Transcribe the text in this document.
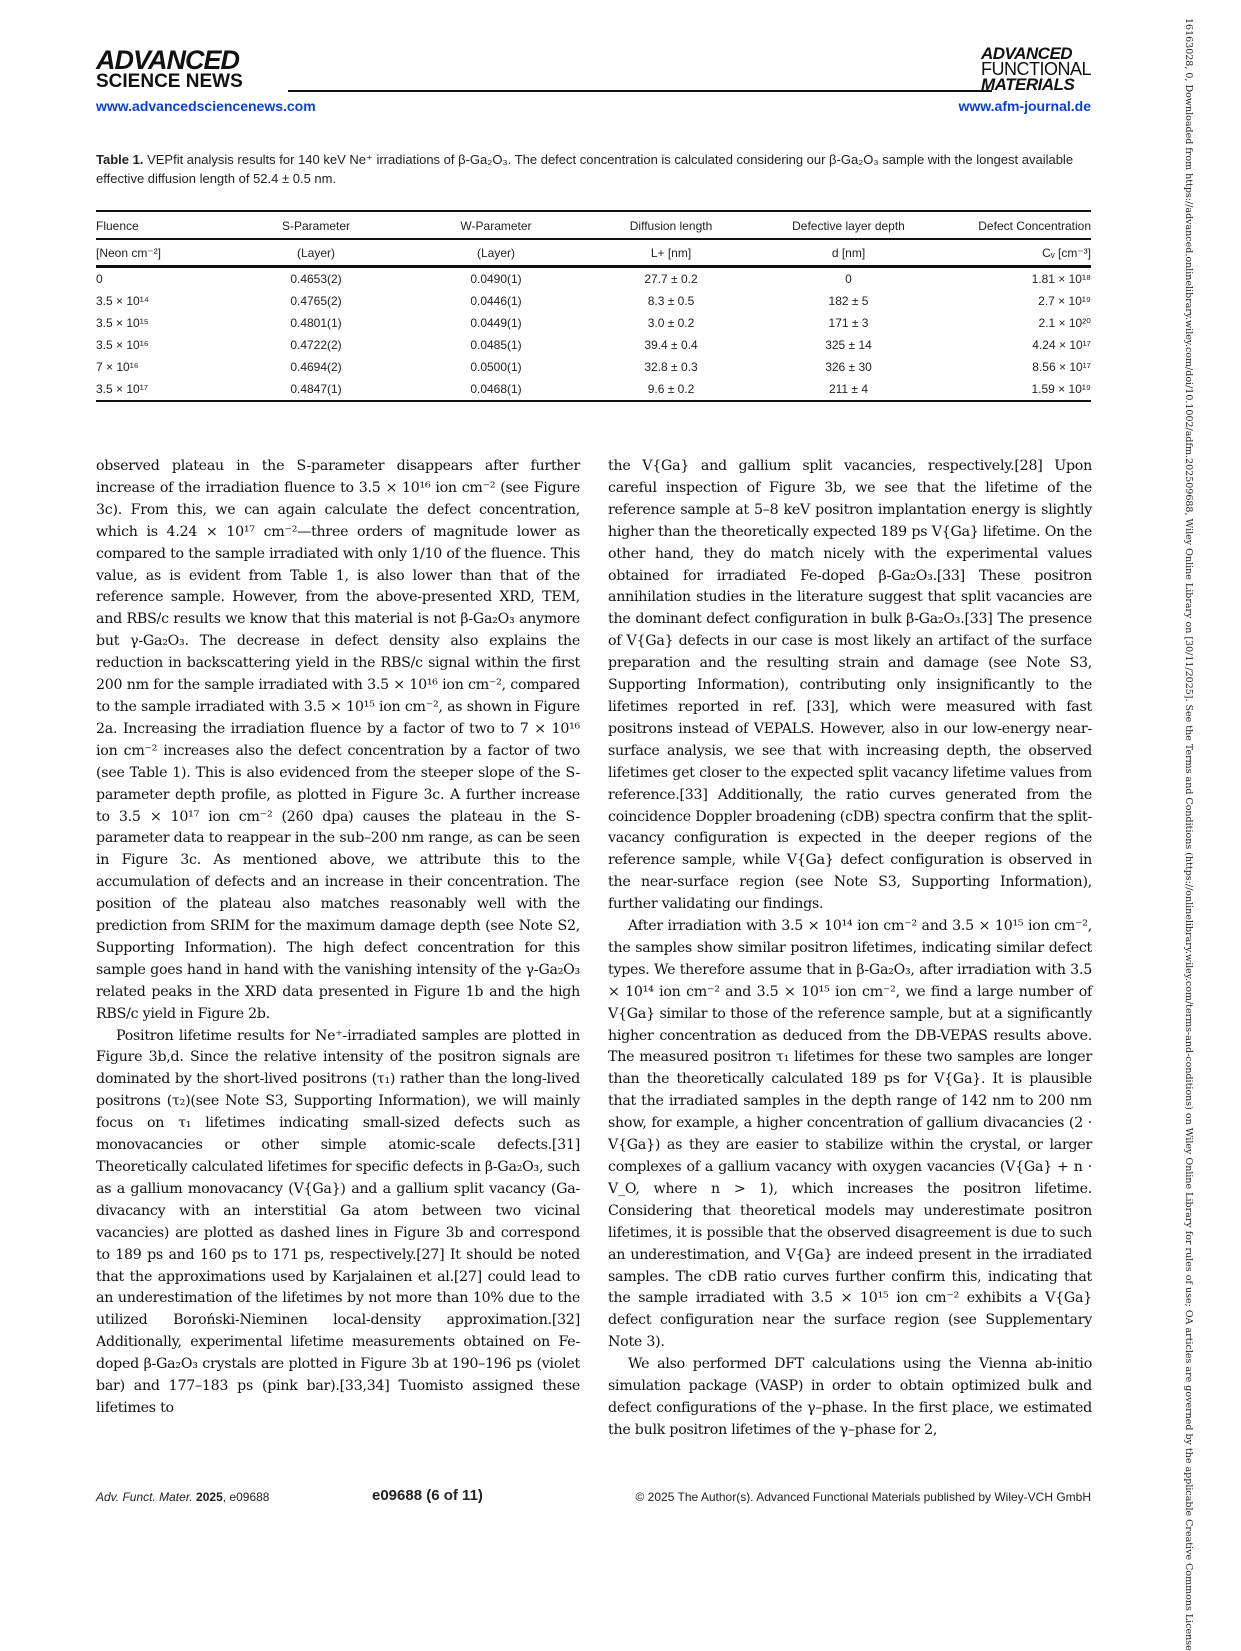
ADVANCED
SCIENCE NEWS
ADVANCED
FUNCTIONAL
MATERIALS
www.advancedsciencenews.com	www.afm-journal.de
Table 1. VEPfit analysis results for 140 keV Ne⁺ irradiations of β-Ga₂O₃. The defect concentration is calculated considering our β-Ga₂O₃ sample with the longest available effective diffusion length of 52.4 ± 0.5 nm.
Fluence	S-Parameter	W-Parameter	Diffusion length	Defective layer depth	Defect Concentration
[Neon cm⁻²]	(Layer)	(Layer)	L+ [nm]	d [nm]	Cᵥ [cm⁻³]
0	0.4653(2)	0.0490(1)	27.7 ± 0.2	0	1.81 × 10¹⁸
3.5 × 10¹⁴	0.4765(2)	0.0446(1)	8.3 ± 0.5	182 ± 5	2.7 × 10¹⁹
3.5 × 10¹⁵	0.4801(1)	0.0449(1)	3.0 ± 0.2	171 ± 3	2.1 × 10²⁰
3.5 × 10¹⁶	0.4722(2)	0.0485(1)	39.4 ± 0.4	325 ± 14	4.24 × 10¹⁷
7 × 10¹⁶	0.4694(2)	0.0500(1)	32.8 ± 0.3	326 ± 30	8.56 × 10¹⁷
3.5 × 10¹⁷	0.4847(1)	0.0468(1)	9.6 ± 0.2	211 ± 4	1.59 × 10¹⁹

observed plateau in the S-parameter disappears after further increase of the irradiation fluence to 3.5 × 10¹⁶ ion cm⁻² (see Figure 3c). From this, we can again calculate the defect concentration, which is 4.24 × 10¹⁷ cm⁻²—three orders of magnitude lower as compared to the sample irradiated with only 1/10 of the fluence. This value, as is evident from Table 1, is also lower than that of the reference sample. However, from the above-presented XRD, TEM, and RBS/c results we know that this material is not β-Ga₂O₃ anymore but γ-Ga₂O₃. The decrease in defect density also explains the reduction in backscattering yield in the RBS/c signal within the first 200 nm for the sample irradiated with 3.5 × 10¹⁶ ion cm⁻², compared to the sample irradiated with 3.5 × 10¹⁵ ion cm⁻², as shown in Figure 2a. Increasing the irradiation fluence by a factor of two to 7 × 10¹⁶ ion cm⁻² increases also the defect concentration by a factor of two (see Table 1). This is also evidenced from the steeper slope of the S-parameter depth profile, as plotted in Figure 3c. A further increase to 3.5 × 10¹⁷ ion cm⁻² (260 dpa) causes the plateau in the S-parameter data to reappear in the sub–200 nm range, as can be seen in Figure 3c. As mentioned above, we attribute this to the accumulation of defects and an increase in their concentration. The position of the plateau also matches reasonably well with the prediction from SRIM for the maximum damage depth (see Note S2, Supporting Information). The high defect concentration for this sample goes hand in hand with the vanishing intensity of the γ-Ga₂O₃ related peaks in the XRD data presented in Figure 1b and the high RBS/c yield in Figure 2b.

Positron lifetime results for Ne⁺-irradiated samples are plotted in Figure 3b,d. Since the relative intensity of the positron signals are dominated by the short-lived positrons (τ₁) rather than the long-lived positrons (τ₂)(see Note S3, Supporting Information), we will mainly focus on τ₁ lifetimes indicating small-sized defects such as monovacancies or other simple atomic-scale defects.[31] Theoretically calculated lifetimes for specific defects in β-Ga₂O₃, such as a gallium monovacancy (V{Ga}) and a gallium split vacancy (Ga-divacancy with an interstitial Ga atom between two vicinal vacancies) are plotted as dashed lines in Figure 3b and correspond to 189 ps and 160 ps to 171 ps, respectively.[27] It should be noted that the approximations used by Karjalainen et al.[27] could lead to an underestimation of the lifetimes by not more than 10% due to the utilized Boroński-Nieminen local-density approximation.[32] Additionally, experimental lifetime measurements obtained on Fe-doped β-Ga₂O₃ crystals are plotted in Figure 3b at 190–196 ps (violet bar) and 177–183 ps (pink bar).[33,34] Tuomisto assigned these lifetimes to

the V{Ga} and gallium split vacancies, respectively.[28] Upon careful inspection of Figure 3b, we see that the lifetime of the reference sample at 5–8 keV positron implantation energy is slightly higher than the theoretically expected 189 ps V{Ga} lifetime. On the other hand, they do match nicely with the experimental values obtained for irradiated Fe-doped β-Ga₂O₃.[33] These positron annihilation studies in the literature suggest that split vacancies are the dominant defect configuration in bulk β-Ga₂O₃.[33] The presence of V{Ga} defects in our case is most likely an artifact of the surface preparation and the resulting strain and damage (see Note S3, Supporting Information), contributing only insignificantly to the lifetimes reported in ref. [33], which were measured with fast positrons instead of VEPALS. However, also in our low-energy near-surface analysis, we see that with increasing depth, the observed lifetimes get closer to the expected split vacancy lifetime values from reference.[33] Additionally, the ratio curves generated from the coincidence Doppler broadening (cDB) spectra confirm that the split-vacancy configuration is expected in the deeper regions of the reference sample, while V{Ga} defect configuration is observed in the near-surface region (see Note S3, Supporting Information), further validating our findings.

After irradiation with 3.5 × 10¹⁴ ion cm⁻² and 3.5 × 10¹⁵ ion cm⁻², the samples show similar positron lifetimes, indicating similar defect types. We therefore assume that in β-Ga₂O₃, after irradiation with 3.5 × 10¹⁴ ion cm⁻² and 3.5 × 10¹⁵ ion cm⁻², we find a large number of V{Ga} similar to those of the reference sample, but at a significantly higher concentration as deduced from the DB-VEPAS results above. The measured positron τ₁ lifetimes for these two samples are longer than the theoretically calculated 189 ps for V{Ga}. It is plausible that the irradiated samples in the depth range of 142 nm to 200 nm show, for example, a higher concentration of gallium divacancies (2 · V{Ga}) as they are easier to stabilize within the crystal, or larger complexes of a gallium vacancy with oxygen vacancies (V{Ga} + n · V_O, where n > 1), which increases the positron lifetime. Considering that theoretical models may underestimate positron lifetimes, it is possible that the observed disagreement is due to such an underestimation, and V{Ga} are indeed present in the irradiated samples. The cDB ratio curves further confirm this, indicating that the sample irradiated with 3.5 × 10¹⁵ ion cm⁻² exhibits a V{Ga} defect configuration near the surface region (see Supplementary Note 3).

We also performed DFT calculations using the Vienna ab-initio simulation package (VASP) in order to obtain optimized bulk and defect configurations of the γ–phase. In the first place, we estimated the bulk positron lifetimes of the γ–phase for 2,

Adv. Funct. Mater. 2025, e09688	e09688 (6 of 11)	© 2025 The Author(s). Advanced Functional Materials published by Wiley-VCH GmbH	16163028, 0, Downloaded from https://advanced.onlinelibrary.wiley.com/doi/10.1002/adfm.202509688, Wiley Online Library on [30/11/2025]. See the Terms and Conditions (https://onlinelibrary.wiley.com/terms-and-conditions) on Wiley Online Library for rules of use; OA articles are governed by the applicable Creative Commons License
